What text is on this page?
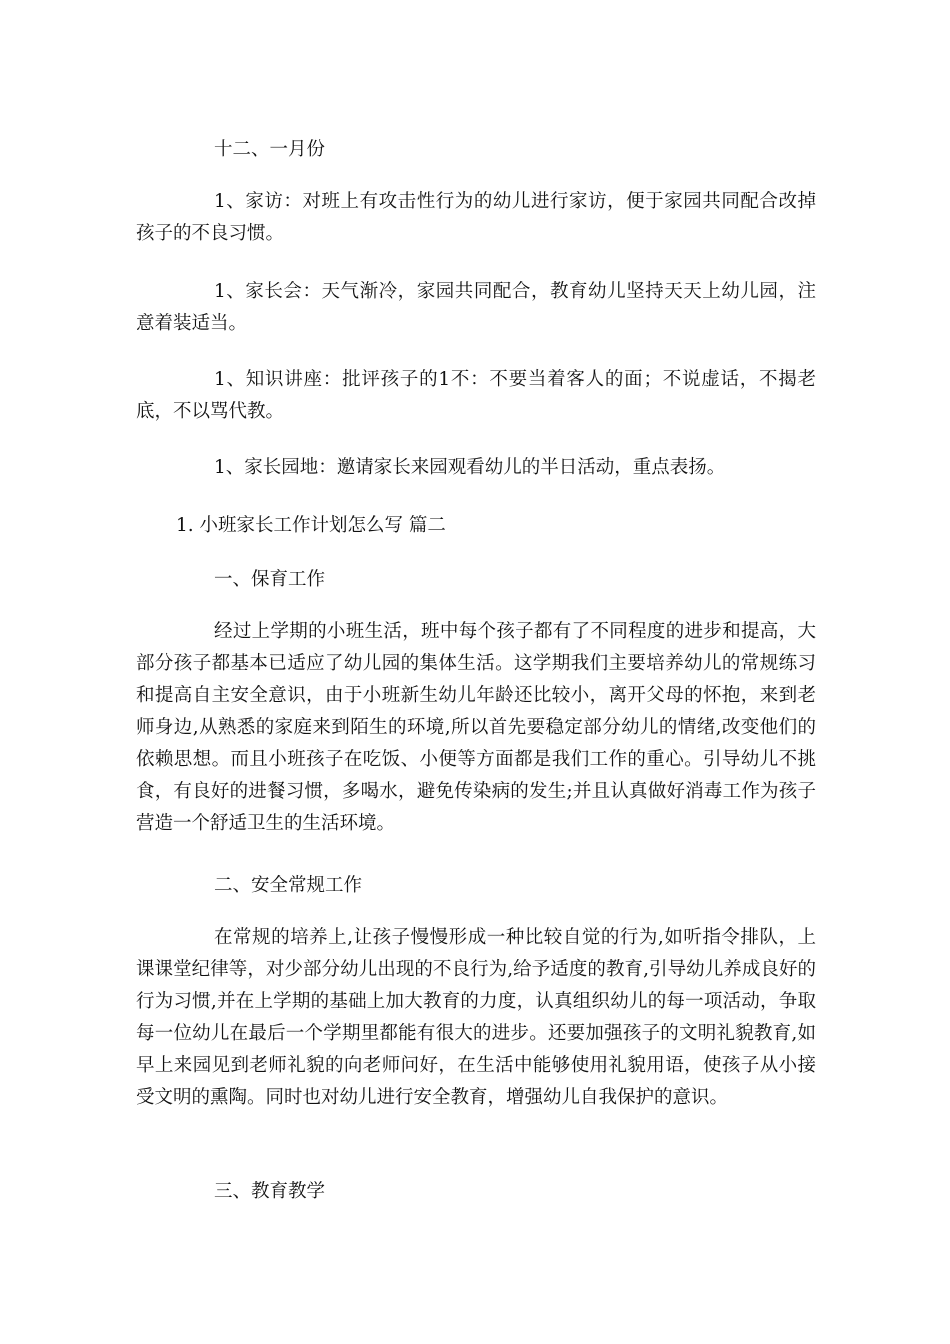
十二、一月份
1、家访：对班上有攻击性行为的幼儿进行家访，便于家园共同配合改掉孩子的不良习惯。
1、家长会：天气渐冷，家园共同配合，教育幼儿坚持天天上幼儿园，注意着装适当。
1、知识讲座：批评孩子的1不：不要当着客人的面；不说虚话，不揭老底，不以骂代教。
1、家长园地：邀请家长来园观看幼儿的半日活动，重点表扬。
1. 小班家长工作计划怎么写 篇二
一、保育工作
经过上学期的小班生活，班中每个孩子都有了不同程度的进步和提高，大部分孩子都基本已适应了幼儿园的集体生活。这学期我们主要培养幼儿的常规练习和提高自主安全意识，由于小班新生幼儿年龄还比较小，离开父母的怀抱，来到老师身边,从熟悉的家庭来到陌生的环境,所以首先要稳定部分幼儿的情绪,改变他们的依赖思想。而且小班孩子在吃饭、小便等方面都是我们工作的重心。引导幼儿不挑食，有良好的进餐习惯，多喝水，避免传染病的发生;并且认真做好消毒工作为孩子营造一个舒适卫生的生活环境。
二、安全常规工作
在常规的培养上,让孩子慢慢形成一种比较自觉的行为,如听指令排队，上课课堂纪律等，对少部分幼儿出现的不良行为,给予适度的教育,引导幼儿养成良好的行为习惯,并在上学期的基础上加大教育的力度，认真组织幼儿的每一项活动，争取每一位幼儿在最后一个学期里都能有很大的进步。还要加强孩子的文明礼貌教育,如早上来园见到老师礼貌的向老师问好，在生活中能够使用礼貌用语，使孩子从小接受文明的熏陶。同时也对幼儿进行安全教育，增强幼儿自我保护的意识。
三、教育教学
